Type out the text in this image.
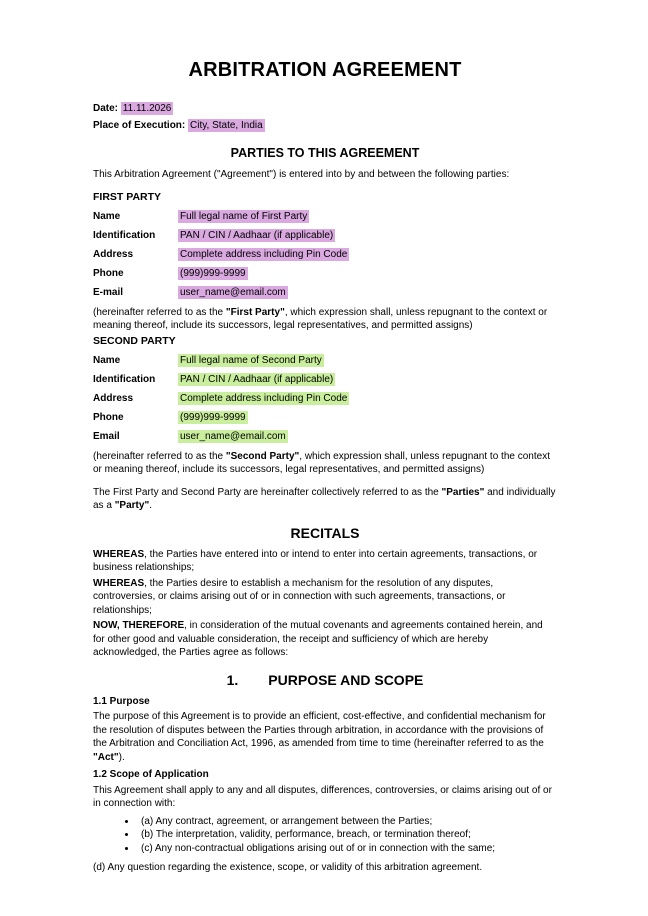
ARBITRATION AGREEMENT
Date: 11.11.2026
Place of Execution: City, State, India
PARTIES TO THIS AGREEMENT
This Arbitration Agreement ("Agreement") is entered into by and between the following parties:
FIRST PARTY
Name	Full legal name of First Party
Identification	PAN / CIN / Aadhaar (if applicable)
Address	Complete address including Pin Code
Phone	(999)999-9999
E-mail	user_name@email.com
(hereinafter referred to as the "First Party", which expression shall, unless repugnant to the context or meaning thereof, include its successors, legal representatives, and permitted assigns)
SECOND PARTY
Name	Full legal name of Second Party
Identification	PAN / CIN / Aadhaar (if applicable)
Address	Complete address including Pin Code
Phone	(999)999-9999
Email	user_name@email.com
(hereinafter referred to as the "Second Party", which expression shall, unless repugnant to the context or meaning thereof, include its successors, legal representatives, and permitted assigns)
The First Party and Second Party are hereinafter collectively referred to as the "Parties" and individually as a "Party".
RECITALS
WHEREAS, the Parties have entered into or intend to enter into certain agreements, transactions, or business relationships;
WHEREAS, the Parties desire to establish a mechanism for the resolution of any disputes, controversies, or claims arising out of or in connection with such agreements, transactions, or relationships;
NOW, THEREFORE, in consideration of the mutual covenants and agreements contained herein, and for other good and valuable consideration, the receipt and sufficiency of which are hereby acknowledged, the Parties agree as follows:
1. PURPOSE AND SCOPE
1.1 Purpose
The purpose of this Agreement is to provide an efficient, cost-effective, and confidential mechanism for the resolution of disputes between the Parties through arbitration, in accordance with the provisions of the Arbitration and Conciliation Act, 1996, as amended from time to time (hereinafter referred to as the "Act").
1.2 Scope of Application
This Agreement shall apply to any and all disputes, differences, controversies, or claims arising out of or in connection with:
• (a) Any contract, agreement, or arrangement between the Parties;
• (b) The interpretation, validity, performance, breach, or termination thereof;
• (c) Any non-contractual obligations arising out of or in connection with the same;
(d) Any question regarding the existence, scope, or validity of this arbitration agreement.
